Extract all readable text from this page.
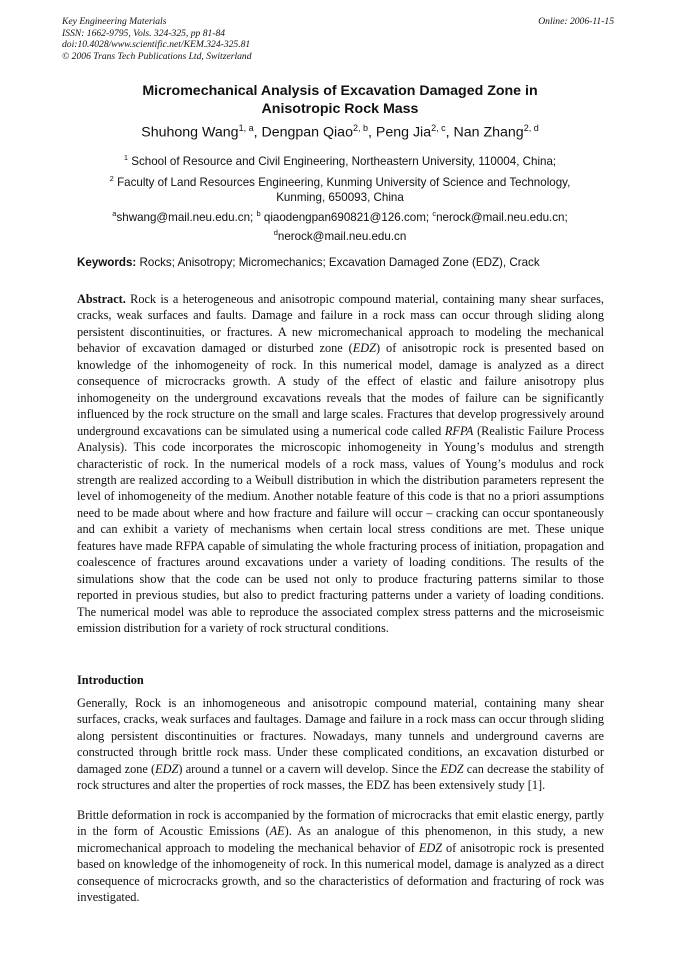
Key Engineering Materials
ISSN: 1662-9795, Vols. 324-325, pp 81-84
doi:10.4028/www.scientific.net/KEM.324-325.81
© 2006 Trans Tech Publications Ltd, Switzerland
Online: 2006-11-15
Micromechanical Analysis of Excavation Damaged Zone in
Anisotropic Rock Mass
Shuhong Wang$^{1, a}$, Dengpan Qiao$^{2, b}$, Peng Jia$^{2, c}$, Nan Zhang$^{2, d}$
$^1$ School of Resource and Civil Engineering, Northeastern University, 110004, China;
$^2$ Faculty of Land Resources Engineering, Kunming University of Science and Technology,
Kunming, 650093, China
$^a$shwang@mail.neu.edu.cn; $^b$ qiaodengpan690821@126.com; $^c$nerock@mail.neu.edu.cn;
$^d$nerock@mail.neu.edu.cn
Keywords: Rocks; Anisotropy; Micromechanics; Excavation Damaged Zone (EDZ), Crack

Abstract. Rock is a heterogeneous and anisotropic compound material, containing many shear surfaces, cracks, weak surfaces and faults. Damage and failure in a rock mass can occur through sliding along persistent discontinuities, or fractures. A new micromechanical approach to modeling the mechanical behavior of excavation damaged or disturbed zone (EDZ) of anisotropic rock is presented based on knowledge of the inhomogeneity of rock. In this numerical model, damage is analyzed as a direct consequence of microcracks growth. A study of the effect of elastic and failure anisotropy plus inhomogeneity on the underground excavations reveals that the modes of failure can be significantly influenced by the rock structure on the small and large scales. Fractures that develop progressively around underground excavations can be simulated using a numerical code called RFPA (Realistic Failure Process Analysis). This code incorporates the microscopic inhomogeneity in Young’s modulus and strength characteristic of rock. In the numerical models of a rock mass, values of Young’s modulus and rock strength are realized according to a Weibull distribution in which the distribution parameters represent the level of inhomogeneity of the medium. Another notable feature of this code is that no a priori assumptions need to be made about where and how fracture and failure will occur – cracking can occur spontaneously and can exhibit a variety of mechanisms when certain local stress conditions are met. These unique features have made RFPA capable of simulating the whole fracturing process of initiation, propagation and coalescence of fractures around excavations under a variety of loading conditions. The results of the simulations show that the code can be used not only to produce fracturing patterns similar to those reported in previous studies, but also to predict fracturing patterns under a variety of loading conditions. The numerical model was able to reproduce the associated complex stress patterns and the microseismic emission distribution for a variety of rock structural conditions.

Introduction

Generally, Rock is an inhomogeneous and anisotropic compound material, containing many shear surfaces, cracks, weak surfaces and faultages. Damage and failure in a rock mass can occur through sliding along persistent discontinuities or fractures. Nowadays, many tunnels and underground caverns are constructed through brittle rock mass. Under these complicated conditions, an excavation disturbed or damaged zone (EDZ) around a tunnel or a cavern will develop. Since the EDZ can decrease the stability of rock structures and alter the properties of rock masses, the EDZ has been extensively study [1].

Brittle deformation in rock is accompanied by the formation of microcracks that emit elastic energy, partly in the form of Acoustic Emissions (AE). As an analogue of this phenomenon, in this study, a new micromechanical approach to modeling the mechanical behavior of EDZ of anisotropic rock is presented based on knowledge of the inhomogeneity of rock. In this numerical model, damage is analyzed as a direct consequence of microcracks growth, and so the characteristics of deformation and fracturing of rock was investigated.
